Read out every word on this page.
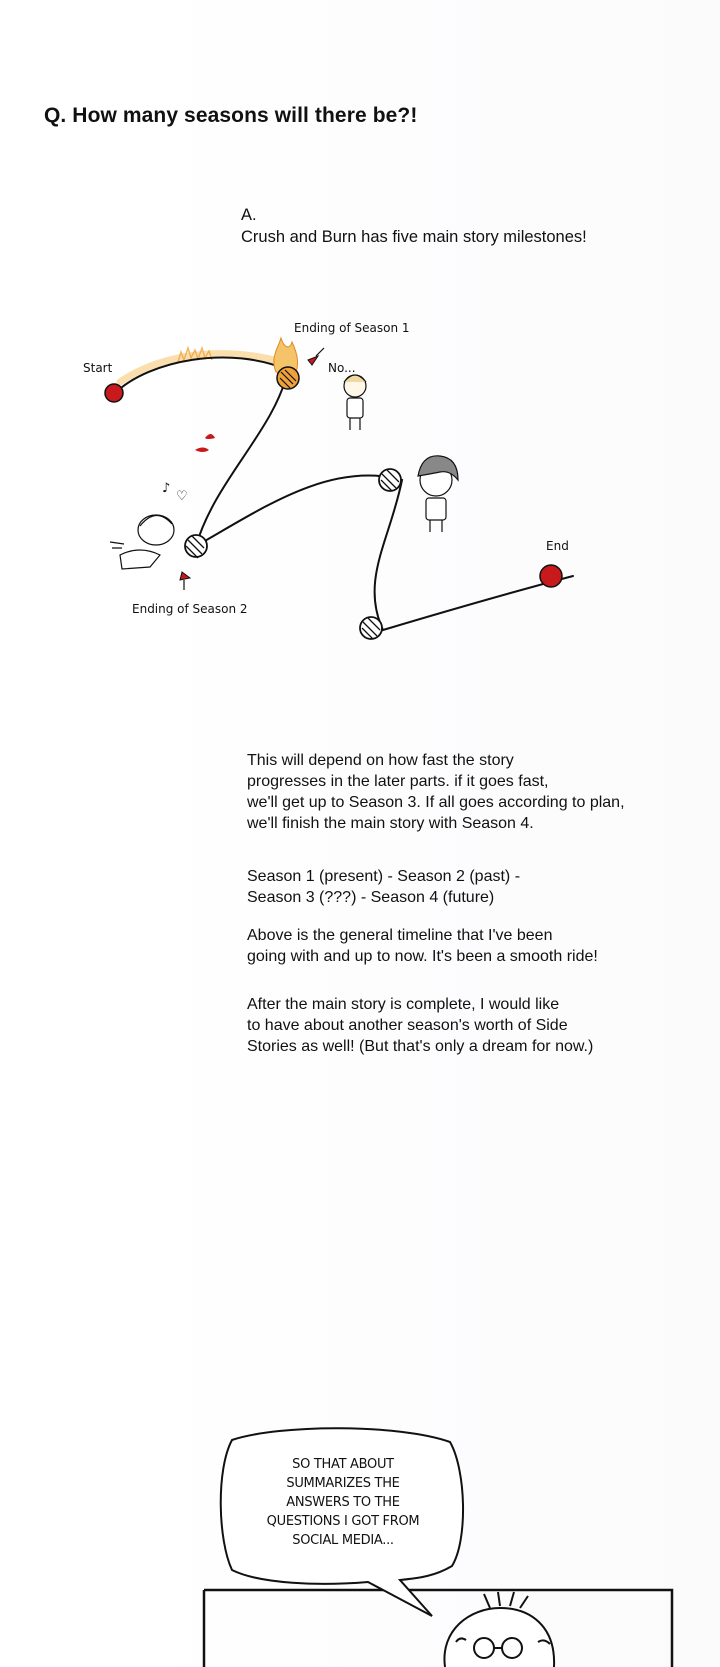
Q. How many seasons will there be?!

A.

Crush and Burn has five main story milestones!

Start
Ending of Season 1
No...
Ending of Season 2
♪
♡
End

This will depend on how fast the story

progresses in the later parts. if it goes fast,

we'll get up to Season 3. If all goes according to plan,

we'll finish the main story with Season 4.

Season 1 (present) - Season 2 (past) -

Season 3 (???) - Season 4 (future)

Above is the general timeline that I've been

going with and up to now. It's been a smooth ride!

After the main story is complete, I would like

to have about another season's worth of Side

Stories as well! (But that's only a dream for now.)

SO THAT ABOUT
SUMMARIZES THE
ANSWERS TO THE
QUESTIONS I GOT FROM
SOCIAL MEDIA...
